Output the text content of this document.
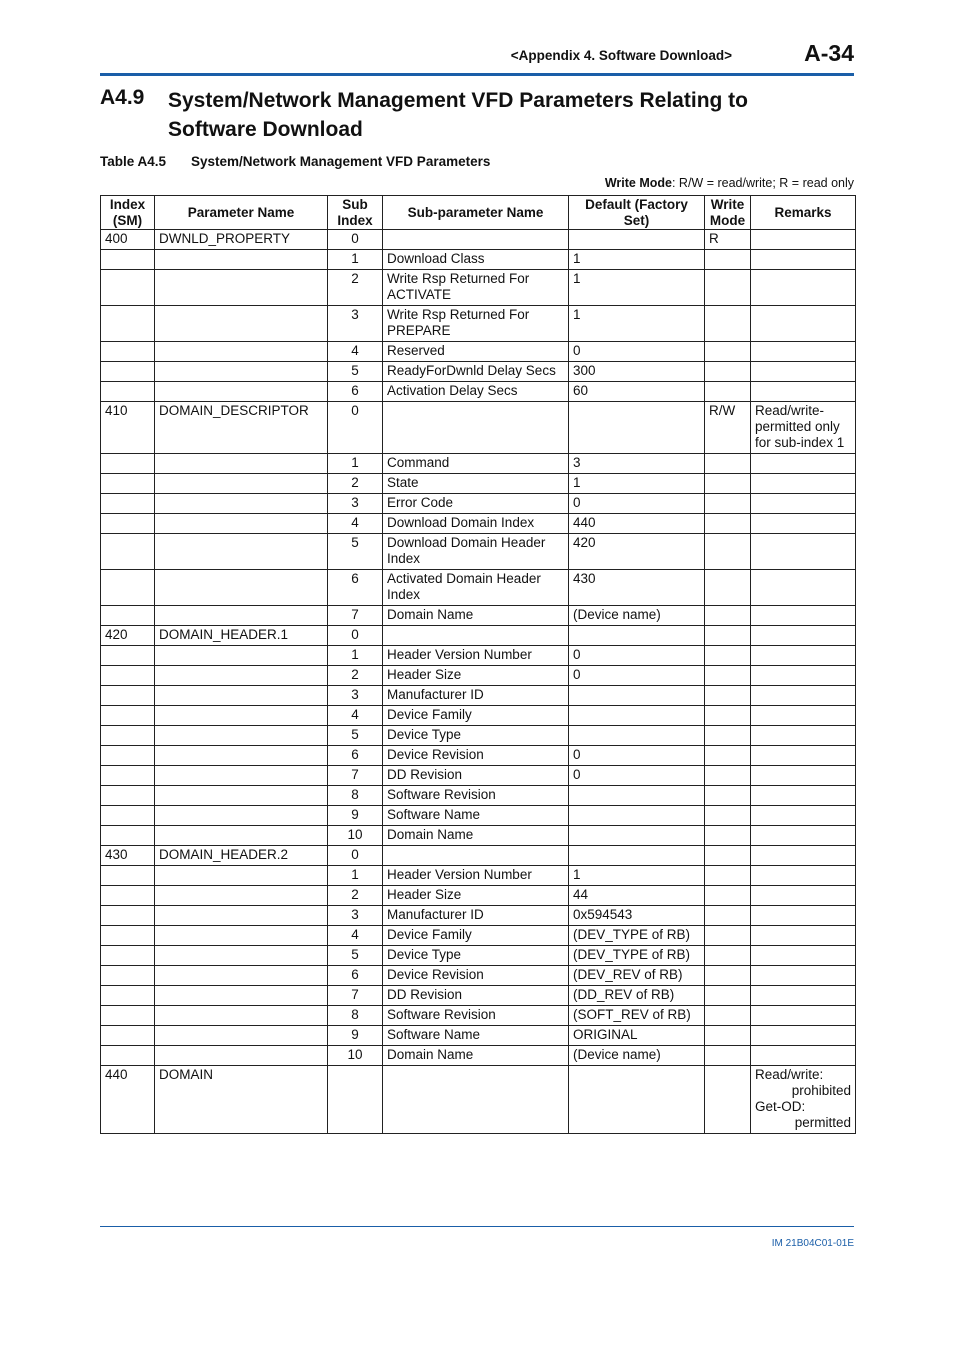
<Appendix 4. Software Download>	A-34
A4.9 System/Network Management VFD Parameters Relating to Software Download
Table A4.5 System/Network Management VFD Parameters
Write Mode: R/W = read/write; R = read only
Index (SM)	Parameter Name	Sub Index	Sub-parameter Name	Default (Factory Set)	Write Mode	Remarks
400	DWNLD_PROPERTY	0			R	
		1	Download Class	1		
		2	Write Rsp Returned For ACTIVATE	1		
		3	Write Rsp Returned For PREPARE	1		
		4	Reserved	0		
		5	ReadyForDwnld Delay Secs	300		
		6	Activation Delay Secs	60		
410	DOMAIN_DESCRIPTOR	0			R/W	Read/write-permitted only for sub-index 1
		1	Command	3		
		2	State	1		
		3	Error Code	0		
		4	Download Domain Index	440		
		5	Download Domain Header Index	420		
		6	Activated Domain Header Index	430		
		7	Domain Name	(Device name)		
420	DOMAIN_HEADER.1	0				
		1	Header Version Number	0		
		2	Header Size	0		
		3	Manufacturer ID			
		4	Device Family			
		5	Device Type			
		6	Device Revision	0		
		7	DD Revision	0		
		8	Software Revision			
		9	Software Name			
		10	Domain Name			
430	DOMAIN_HEADER.2	0				
		1	Header Version Number	1		
		2	Header Size	44		
		3	Manufacturer ID	0x594543		
		4	Device Family	(DEV_TYPE of RB)		
		5	Device Type	(DEV_TYPE of RB)		
		6	Device Revision	(DEV_REV of RB)		
		7	DD Revision	(DD_REV of RB)		
		8	Software Revision	(SOFT_REV of RB)		
		9	Software Name	ORIGINAL		
		10	Domain Name	(Device name)		
440	DOMAIN					Read/write:
prohibited
Get-OD:
permitted
IM 21B04C01-01E
